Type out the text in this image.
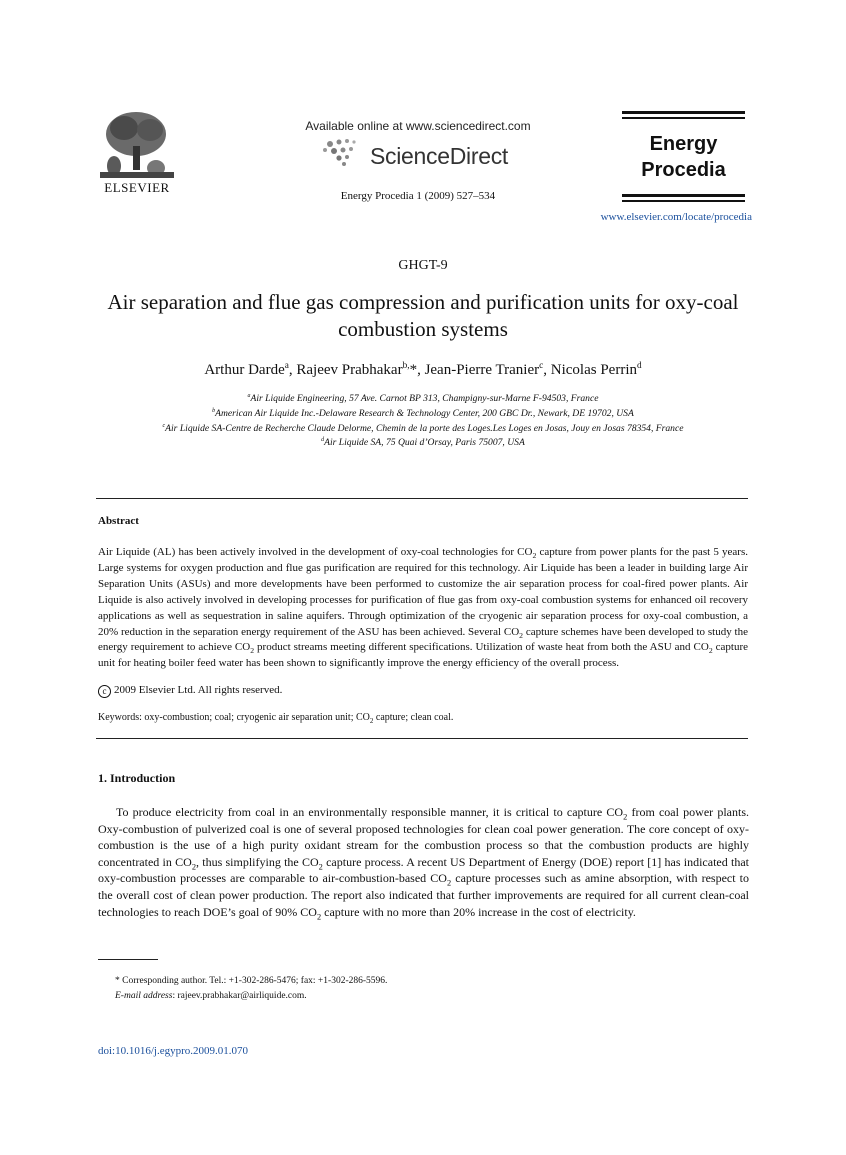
ELSEVIER
Available online at www.sciencedirect.com
ScienceDirect
Energy Procedia 1 (2009) 527–534
Energy
Procedia
www.elsevier.com/locate/procedia
GHGT-9
Air separation and flue gas compression and purification units for oxy-coal combustion systems
Arthur Darde$^a$, Rajeev Prabhakar$^{b,}$*, Jean-Pierre Tranier$^c$, Nicolas Perrin$^d$
$^a$Air Liquide Engineering, 57 Ave. Carnot BP 313, Champigny-sur-Marne F-94503, France
$^b$American Air Liquide Inc.-Delaware Research & Technology Center, 200 GBC Dr., Newark, DE 19702, USA
$^c$Air Liquide SA-Centre de Recherche Claude Delorme, Chemin de la porte des Loges.Les Loges en Josas, Jouy en Josas 78354, France
$^d$Air Liquide SA, 75 Quai d’Orsay, Paris 75007, USA
Abstract
Air Liquide (AL) has been actively involved in the development of oxy-coal technologies for $CO_2$ capture from power plants for the past 5 years. Large systems for oxygen production and flue gas purification are required for this technology. Air Liquide has been a leader in building large Air Separation Units (ASUs) and more developments have been performed to customize the air separation process for coal-fired power plants. Air Liquide is also actively involved in developing processes for purification of flue gas from oxy-coal combustion systems for enhanced oil recovery applications as well as sequestration in saline aquifers. Through optimization of the cryogenic air separation process for oxy-coal combustion, a 20% reduction in the separation energy requirement of the ASU has been achieved. Several $CO_2$ capture schemes have been developed to study the energy requirement to achieve $CO_2$ product streams meeting different specifications. Utilization of waste heat from both the ASU and $CO_2$ capture unit for heating boiler feed water has been shown to significantly improve the energy efficiency of the overall process.
c 2009 Elsevier Ltd. All rights reserved.
Keywords: oxy-combustion; coal; cryogenic air separation unit; $CO_2$ capture; clean coal.
1. Introduction
To produce electricity from coal in an environmentally responsible manner, it is critical to capture $CO_2$ from coal power plants. Oxy-combustion of pulverized coal is one of several proposed technologies for clean coal power generation. The core concept of oxy-combustion is the use of a high purity oxidant stream for the combustion process so that the combustion products are highly concentrated in $CO_2$, thus simplifying the $CO_2$ capture process. A recent US Department of Energy (DOE) report [1] has indicated that oxy-combustion processes are comparable to air-combustion-based $CO_2$ capture processes such as amine absorption, with respect to the overall cost of clean power production. The report also indicated that further improvements are required for all current clean-coal technologies to reach DOE’s goal of 90% $CO_2$ capture with no more than 20% increase in the cost of electricity.
* Corresponding author. Tel.: +1-302-286-5476; fax: +1-302-286-5596.
E-mail address: rajeev.prabhakar@airliquide.com.
doi:10.1016/j.egypro.2009.01.070
